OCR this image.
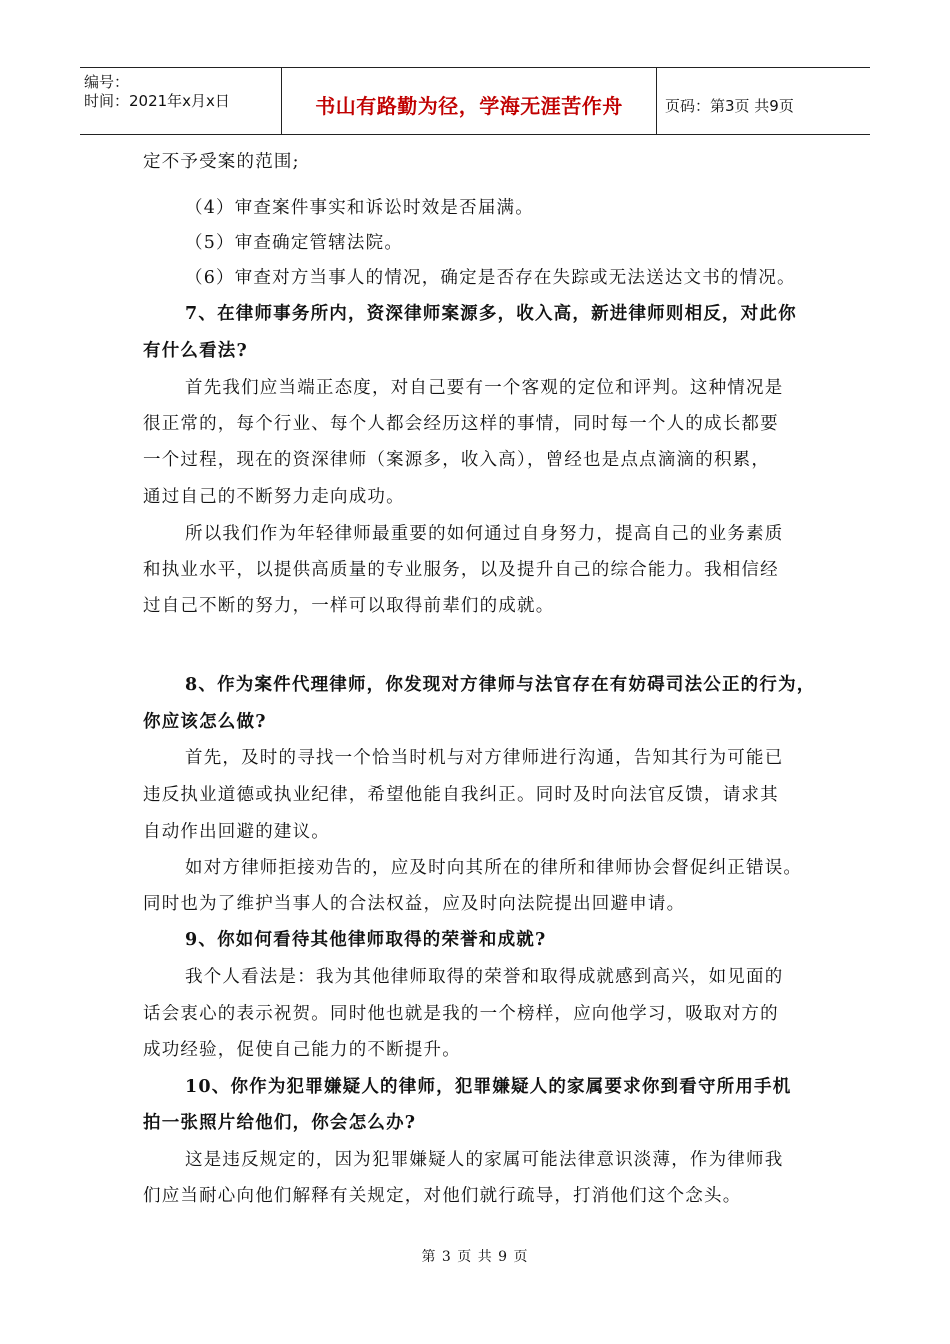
编号：
时间：2021年x月x日	书山有路勤为径，学海无涯苦作舟	页码：第3页 共9页
定不予受案的范围;
（4）审查案件事实和诉讼时效是否届满。
（5）审查确定管辖法院。
（6）审查对方当事人的情况，确定是否存在失踪或无法送达文书的情况。
7、在律师事务所内，资深律师案源多，收入高，新进律师则相反，对此你
有什么看法?
首先我们应当端正态度，对自己要有一个客观的定位和评判。这种情况是
很正常的，每个行业、每个人都会经历这样的事情，同时每一个人的成长都要
一个过程，现在的资深律师（案源多，收入高），曾经也是点点滴滴的积累，
通过自己的不断努力走向成功。
所以我们作为年轻律师最重要的如何通过自身努力，提高自己的业务素质
和执业水平，以提供高质量的专业服务，以及提升自己的综合能力。我相信经
过自己不断的努力，一样可以取得前辈们的成就。
8、作为案件代理律师，你发现对方律师与法官存在有妨碍司法公正的行为，
你应该怎么做?
首先，及时的寻找一个恰当时机与对方律师进行沟通，告知其行为可能已
违反执业道德或执业纪律，希望他能自我纠正。同时及时向法官反馈，请求其
自动作出回避的建议。
如对方律师拒接劝告的，应及时向其所在的律所和律师协会督促纠正错误。
同时也为了维护当事人的合法权益，应及时向法院提出回避申请。
9、你如何看待其他律师取得的荣誉和成就?
我个人看法是：我为其他律师取得的荣誉和取得成就感到高兴，如见面的
话会衷心的表示祝贺。同时他也就是我的一个榜样，应向他学习，吸取对方的
成功经验，促使自己能力的不断提升。
10、你作为犯罪嫌疑人的律师，犯罪嫌疑人的家属要求你到看守所用手机
拍一张照片给他们，你会怎么办?
这是违反规定的，因为犯罪嫌疑人的家属可能法律意识淡薄，作为律师我
们应当耐心向他们解释有关规定，对他们就行疏导，打消他们这个念头。
第 3 页 共 9 页
